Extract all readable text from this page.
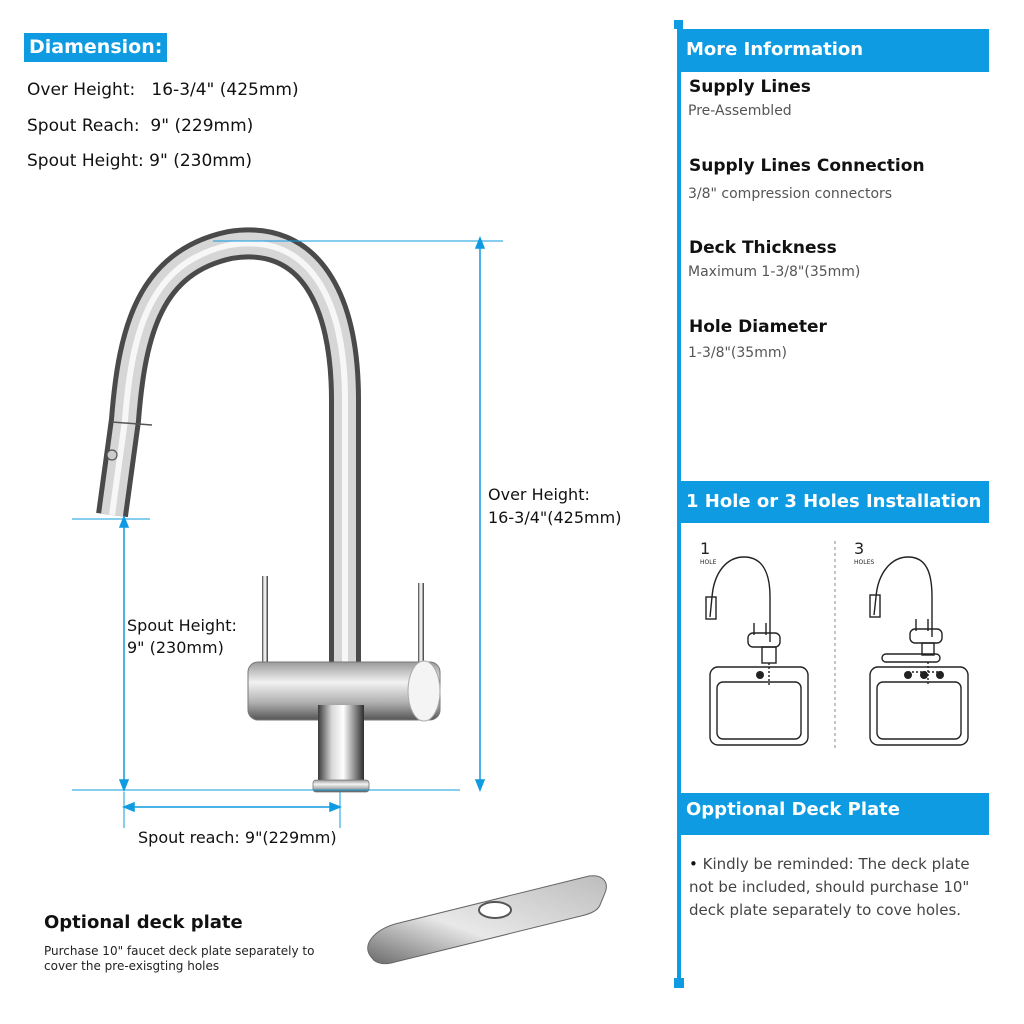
Diamension:
Over Height:   16-3/4" (425mm)
Spout Reach:  9" (229mm)
Spout Height: 9" (230mm)
Over Height:
16-3/4"(425mm)
Spout Height:
9" (230mm)
Spout reach: 9"(229mm)
Optional deck plate
Purchase 10" faucet deck plate separately to cover the pre-exisgting holes
More Information
Supply Lines
Pre-Assembled
Supply Lines Connection
3/8" compression connectors
Deck Thickness
Maximum 1-3/8"(35mm)
Hole Diameter
1-3/8"(35mm)
1 Hole or 3 Holes Installation
1
HOLE
3
HOLES
Opptional Deck Plate
• Kindly be reminded: The deck plate not be included, should purchase 10" deck plate separately to cove holes.
